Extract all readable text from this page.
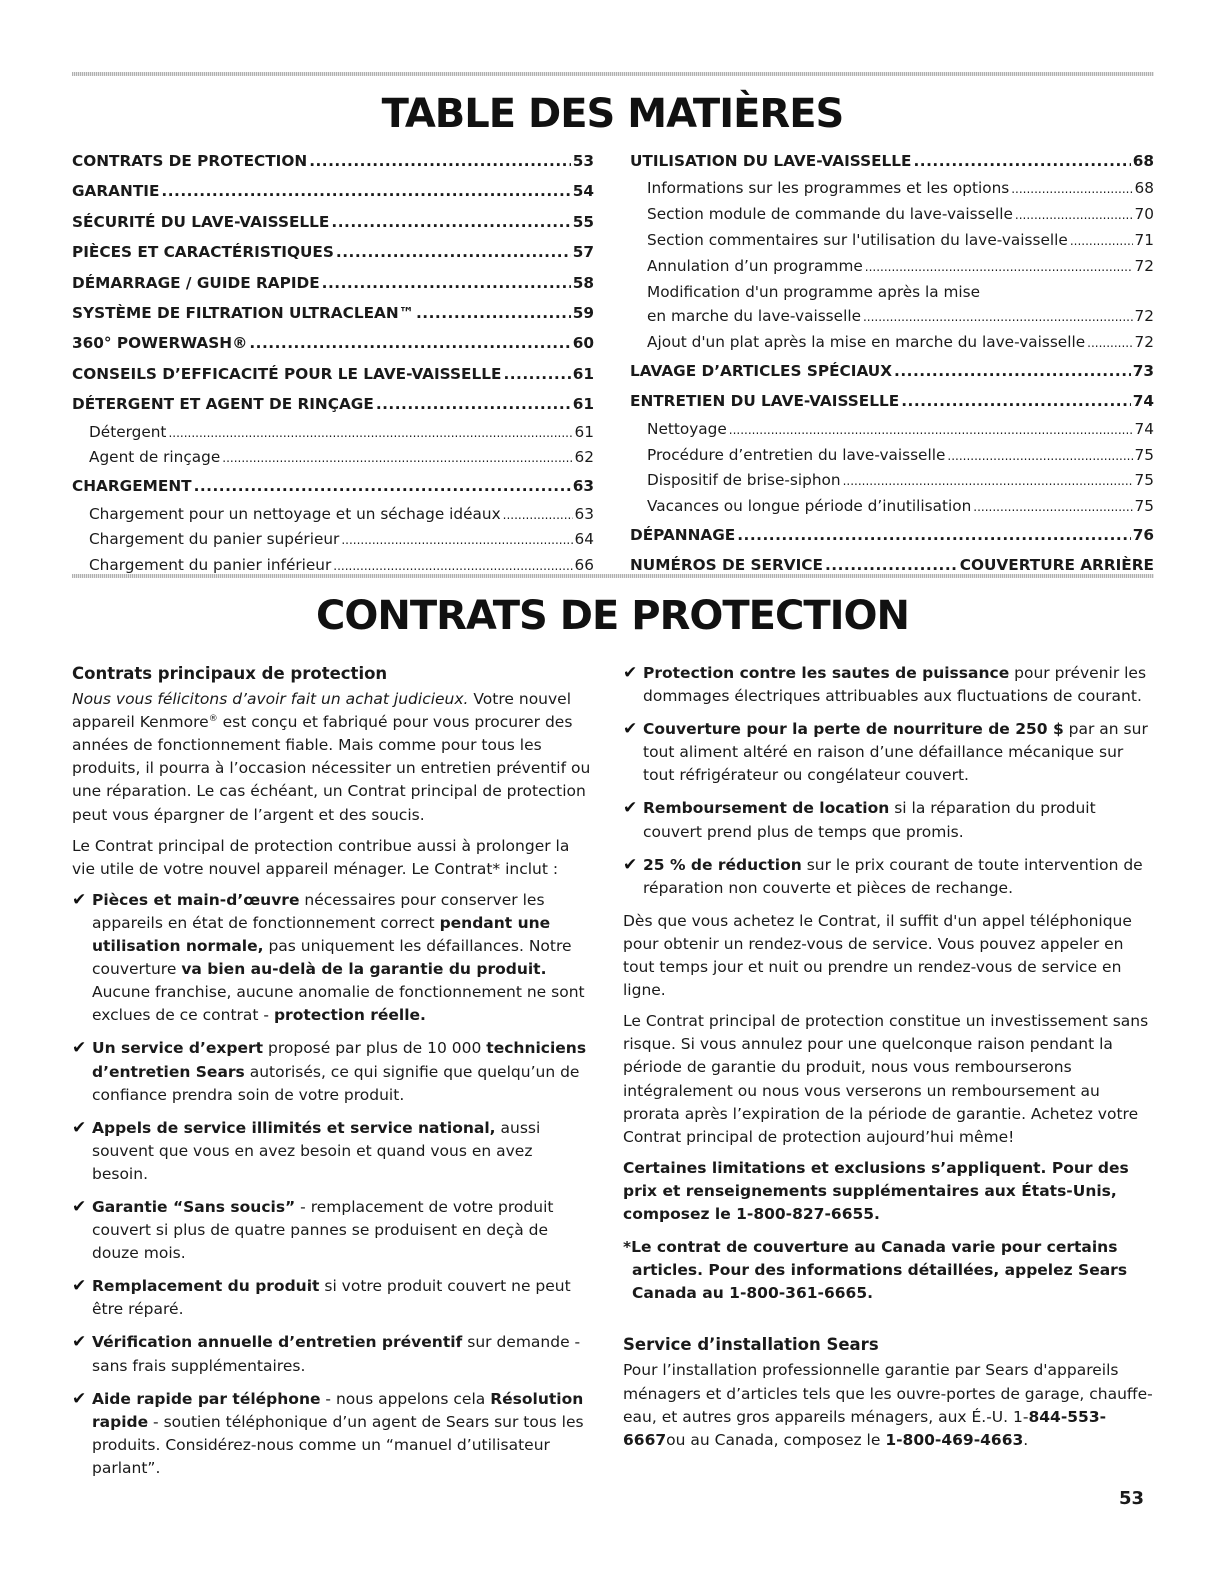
TABLE DES MATIÈRES
CONTRATS DE PROTECTION .....	53
GARANTIE .....	54
SÉCURITÉ DU LAVE-VAISSELLE .....	55
PIÈCES ET CARACTÉRISTIQUES .....	57
DÉMARRAGE / GUIDE RAPIDE .....	58
SYSTÈME DE FILTRATION ULTRACLEAN™ .....	59
360° POWERWASH® .....	60
CONSEILS D’EFFICACITÉ POUR LE LAVE-VAISSELLE .....	61
DÉTERGENT ET AGENT DE RINÇAGE .....	61
Détergent .....	61
Agent de rinçage .....	62
CHARGEMENT .....	63
Chargement pour un nettoyage et un séchage idéaux .....	63
Chargement du panier supérieur .....	64
Chargement du panier inférieur .....	66
UTILISATION DU LAVE-VAISSELLE .....	68
Informations sur les programmes et les options .....	68
Section module de commande du lave-vaisselle .....	70
Section commentaires sur l'utilisation du lave-vaisselle .....	71
Annulation d’un programme .....	72
Modification d'un programme après la mise
en marche du lave-vaisselle .....	72
Ajout d'un plat après la mise en marche du lave-vaisselle .....	72
LAVAGE D’ARTICLES SPÉCIAUX .....	73
ENTRETIEN DU LAVE-VAISSELLE .....	74
Nettoyage .....	74
Procédure d’entretien du lave-vaisselle .....	75
Dispositif de brise-siphon .....	75
Vacances ou longue période d’inutilisation .....	75
DÉPANNAGE .....	76
NUMÉROS DE SERVICE .....	COUVERTURE ARRIÈRE
CONTRATS DE PROTECTION
Contrats principaux de protection

Nous vous félicitons d’avoir fait un achat judicieux. Votre nouvel appareil Kenmore® est conçu et fabriqué pour vous procurer des années de fonctionnement fiable. Mais comme pour tous les produits, il pourra à l’occasion nécessiter un entretien préventif ou une réparation. Le cas échéant, un Contrat principal de protection peut vous épargner de l’argent et des soucis.

Le Contrat principal de protection contribue aussi à prolonger la vie utile de votre nouvel appareil ménager. Le Contrat* inclut :

✔ Pièces et main-d’œuvre nécessaires pour conserver les appareils en état de fonctionnement correct pendant une utilisation normale, pas uniquement les défaillances. Notre couverture va bien au-delà de la garantie du produit. Aucune franchise, aucune anomalie de fonctionnement ne sont exclues de ce contrat - protection réelle.
✔ Un service d’expert proposé par plus de 10 000 techniciens d’entretien Sears autorisés, ce qui signifie que quelqu’un de confiance prendra soin de votre produit.
✔ Appels de service illimités et service national, aussi souvent que vous en avez besoin et quand vous en avez besoin.
✔ Garantie “Sans soucis” - remplacement de votre produit couvert si plus de quatre pannes se produisent en deçà de douze mois.
✔ Remplacement du produit si votre produit couvert ne peut être réparé.
✔ Vérification annuelle d’entretien préventif sur demande - sans frais supplémentaires.
✔ Aide rapide par téléphone - nous appelons cela Résolution rapide - soutien téléphonique d’un agent de Sears sur tous les produits. Considérez-nous comme un “manuel d’utilisateur parlant”.
✔ Protection contre les sautes de puissance pour prévenir les dommages électriques attribuables aux fluctuations de courant.
✔ Couverture pour la perte de nourriture de 250 $ par an sur tout aliment altéré en raison d’une défaillance mécanique sur tout réfrigérateur ou congélateur couvert.
✔ Remboursement de location si la réparation du produit couvert prend plus de temps que promis.
✔ 25 % de réduction sur le prix courant de toute intervention de réparation non couverte et pièces de rechange.

Dès que vous achetez le Contrat, il suffit d'un appel téléphonique pour obtenir un rendez-vous de service. Vous pouvez appeler en tout temps jour et nuit ou prendre un rendez-vous de service en ligne.

Le Contrat principal de protection constitue un investissement sans risque. Si vous annulez pour une quelconque raison pendant la période de garantie du produit, nous vous rembourserons intégralement ou nous vous verserons un remboursement au prorata après l’expiration de la période de garantie. Achetez votre Contrat principal de protection aujourd’hui même!

Certaines limitations et exclusions s’appliquent. Pour des prix et renseignements supplémentaires aux États-Unis, composez le 1-800-827-6655.

*Le contrat de couverture au Canada varie pour certains articles. Pour des informations détaillées, appelez Sears Canada au 1-800-361-6665.

Service d’installation Sears

Pour l’installation professionnelle garantie par Sears d'appareils ménagers et d’articles tels que les ouvre-portes de garage, chauffe-eau, et autres gros appareils ménagers, aux É.-U. 1-844-553-6667ou au Canada, composez le 1-800-469-4663.

53
